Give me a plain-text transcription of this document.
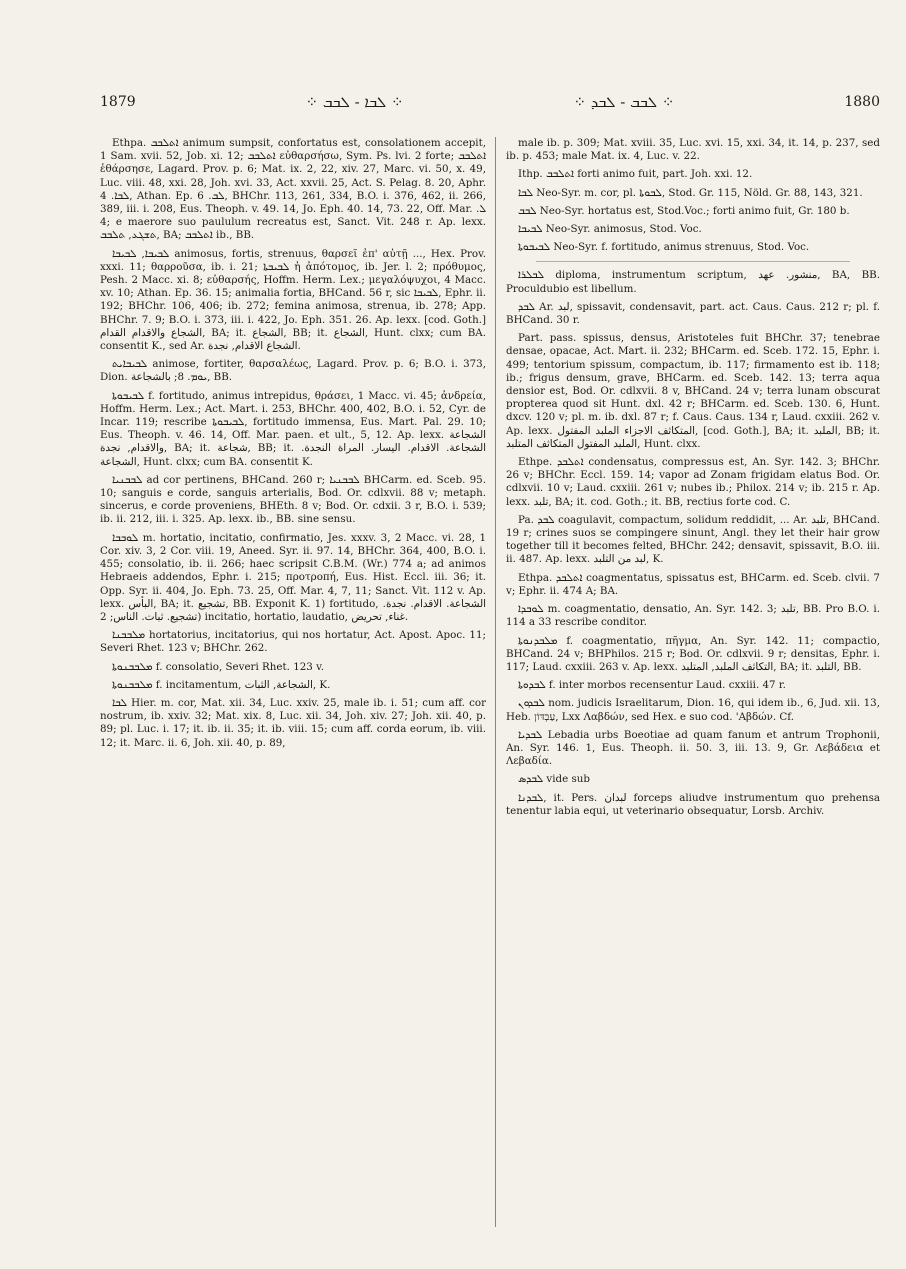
1879	⁘ ܠܒܐ - ܠܒܒ ⁘	⁘ ܠܒܒ - ܠܒܕ ⁘	1880

Ethpa. ܐܬܠܒܒ animum sumpsit, confortatus est, consolationem accepit, 1 Sam. xvii. 52, Job. xi. 12; ܐܬܠܒܒ εὐθαρσήσω, Sym. Ps. lvi. 2 forte; ܐܬܠܒܒ ἐθάρσησε, Lagard. Prov. p. 6; Mat. ix. 2, 22, xiv. 27, Marc. vi. 50, x. 49, Luc. viii. 48, xxi. 28, Joh. xvi. 33, Act. xxvii. 25, Act. S. Pelag. 8. 20, Aphr. ܠܒܐ. 4, Athan. Ep. ܠܒ. 6, BHChr. 113, 261, 334, B.O. i. 376, 462, ii. 266, 389, iii. i. 208, Eus. Theoph. v. 49. 14, Jo. Eph. 40. 14, 73. 22, Off. Mar. ܠ. 4; e maerore suo paululum recreatus est, Sanct. Vit. 248 r. Ap. lexx. ܬܫܓܥ, ܬܠܒܒ, BA; ܐܬܠܒܒ ib., BB.

ܠܒܝܒܐ, ܠܒܝܒܐ animosus, fortis, strenuus, θαρσεῖ ἐπ' αὐτῇ ..., Hex. Prov. xxxi. 11; θαρροῦσα, ib. i. 21; ܠܒܝܒܬܐ ἡ ἀπότομος, ib. Jer. l. 2; πρόθυμος, Pesh. 2 Macc. xi. 8; εὐθαρσής, Hoffm. Herm. Lex.; μεγαλόψυχοι, 4 Macc. xv. 10; Athan. Ep. 36. 15; animalia fortia, BHCand. 56 r, sic ܠܒܝܒܐ, Ephr. ii. 192; BHChr. 106, 406; ib. 272; femina animosa, strenua, ib. 278; App. BHChr. 7. 9; B.O. i. 373, iii. i. 422, Jo. Eph. 351. 26. Ap. lexx. [cod. Goth.] الشجاع والاقدام القدام, BA; it. الشجاع, BB; it. الشجاع, Hunt. clxx; cum BA. consentit K., sed Ar. الشجاع الاقدام, نجدة.

ܠܒܝܒܐܝܬ animose, fortiter, θαρσαλέως, Lagard. Prov. p. 6; B.O. i. 373, Dion. ܝܘܡ. 8; بالشجاعة, BB.

ܠܒܝܒܘܬܐ f. fortitudo, animus intrepidus, θράσει, 1 Macc. vi. 45; ἀνδρεία, Hoffm. Herm. Lex.; Act. Mart. i. 253, BHChr. 400, 402, B.O. i. 52, Cyr. de Incar. 119; rescribe ܠܒܝܒܘܬܐ, fortitudo immensa, Eus. Mart. Pal. 29. 10; Eus. Theoph. v. 46. 14, Off. Mar. paen. et ult., 5, 12. Ap. lexx. الشجاعة والاقدام, نجدة, BA; it. شجاعة, BB; it. الشجاعة. الاقدام. اليسار. المراة النجدة. الشجاعة, Hunt. clxx; cum BA. consentit K.

ܠܒܒܢܝܐ ad cor pertinens, BHCand. 260 r; ܠܒܒܢܝܐ BHCarm. ed. Sceb. 95. 10; sanguis e corde, sanguis arterialis, Bod. Or. cdlxvii. 88 v; metaph. sincerus, e corde proveniens, BHEth. 8 v; Bod. Or. cdxii. 3 r, B.O. i. 539; ib. ii. 212, iii. i. 325. Ap. lexx. ib., BB. sine sensu.

ܠܘܒܒܐ m. hortatio, incitatio, confirmatio, Jes. xxxv. 3, 2 Macc. vi. 28, 1 Cor. xiv. 3, 2 Cor. viii. 19, Aneed. Syr. ii. 97. 14, BHChr. 364, 400, B.O. i. 455; consolatio, ib. ii. 266; haec scripsit C.B.M. (Wr.) 774 a; ad animos Hebraeis addendos, Ephr. i. 215; προτροπή, Eus. Hist. Eccl. iii. 36; it. Opp. Syr. ii. 404, Jo. Eph. 73. 25, Off. Mar. 4, 7, 11; Sanct. Vit. 112 v. Ap. lexx. البأس, BA; it. تشجيع, BB. Exponit K. 1) fortitudo, الشجاعة. الاقدام. نجدة. تشجيع. ثبات. الناس; 2) incitatio, hortatio, laudatio, غناء, تحريض.

ܡܠܒܒܢܐ hortatorius, incitatorius, qui nos hortatur, Act. Apost. Apoc. 11; Severi Rhet. 123 v; BHChr. 262.

ܡܠܒܒܢܘܬܐ f. consolatio, Severi Rhet. 123 v.

ܡܠܒܒܢܘܬܐ f. incitamentum, الشجاعة, الثبات, K.

ܠܒܐ Hier. m. cor, Mat. xii. 34, Luc. xxiv. 25, male ib. i. 51; cum aff. cor nostrum, ib. xxiv. 32; Mat. xix. 8, Luc. xii. 34, Joh. xiv. 27; Joh. xii. 40, p. 89; pl. Luc. i. 17; it. ib. ii. 35; it. ib. viii. 15; cum aff. corda eorum, ib. viii. 12; it. Marc. ii. 6, Joh. xii. 40, p. 89,

male ib. p. 309; Mat. xviii. 35, Luc. xvi. 15, xxi. 34, it. 14, p. 237, sed ib. p. 453; male Mat. ix. 4, Luc. v. 22.

Ithp. ܐܬܠܒܒ forti animo fuit, part. Joh. xxi. 12.

ܠܒܐ Neo-Syr. m. cor, pl. ܠܒܘܬܐ, Stod. Gr. 115, Nöld. Gr. 88, 143, 321.

ܠܒܒ Neo-Syr. hortatus est, Stod.Voc.; forti animo fuit, Gr. 180 b.

ܠܒܝܒܐ Neo-Syr. animosus, Stod. Voc.

ܠܒܝܒܘܬܐ Neo-Syr. f. fortitudo, animus strenuus, Stod. Voc.

ܠܒܠܪܐ diploma, instrumentum scriptum, منشور. عهد, BA, BB. Proculdubio est libellum.

ܠܒܕ Ar. لبد, spissavit, condensavit, part. act. Caus. Caus. 212 r; pl. f. BHCand. 30 r.

Part. pass. spissus, densus, Aristoteles fuit BHChr. 37; tenebrae densae, opacae, Act. Mart. ii. 232; BHCarm. ed. Sceb. 172. 15, Ephr. i. 499; tentorium spissum, compactum, ib. 117; firmamento est ib. 118; ib.; frigus densum, grave, BHCarm. ed. Sceb. 142. 13; terra aqua densior est, Bod. Or. cdlxvii. 8 v, BHCand. 24 v; terra lunam obscurat propterea quod sit Hunt. dxl. 42 r; BHCarm. ed. Sceb. 130. 6, Hunt. dxcv. 120 v; pl. m. ib. dxl. 87 r; f. Caus. Caus. 134 r, Laud. cxxiii. 262 v. Ap. lexx. المتكاثف الاجزاء الملبد المفتول, [cod. Goth.], BA; it. الملبد, BB; it. الملبد المفتول المتكاثف المتلبد, Hunt. clxx.

Ethpe. ܐܬܠܒܕ condensatus, compressus est, An. Syr. 142. 3; BHChr. 26 v; BHChr. Eccl. 159. 14; vapor ad Zonam frigidam elatus Bod. Or. cdlxvii. 10 v; Laud. cxxiii. 261 v; nubes ib.; Philox. 214 v; ib. 215 r. Ap. lexx. تلبد, BA; it. cod. Goth.; it. BB, rectius forte cod. C.

Pa. ܠܒܕ coagulavit, compactum, solidum reddidit, ... Ar. تلبد, BHCand. 19 r; crines suos se compingere sinunt, Angl. they let their hair grow together till it becomes felted, BHChr. 242; densavit, spissavit, B.O. iii. ii. 487. Ap. lexx. لبد من التلبد, K.

Ethpa. ܐܬܠܒܕ coagmentatus, spissatus est, BHCarm. ed. Sceb. clvii. 7 v; Ephr. ii. 474 A; BA.

ܠܘܒܕܐ m. coagmentatio, densatio, An. Syr. 142. 3; تلبد, BB. Pro B.O. i. 114 a 33 rescribe conditor.

ܡܠܒܕܢܘܬܐ f. coagmentatio, πῆγμα, An. Syr. 142. 11; compactio, BHCand. 24 v; BHPhilos. 215 r; Bod. Or. cdlxvii. 9 r; densitas, Ephr. i. 117; Laud. cxxiii. 263 v. Ap. lexx. التكاثف الملبد, المتلبد, BA; it. التلبد, BB.

ܠܒܕܘܬܐ f. inter morbos recensentur Laud. cxxiii. 47 r.

ܠܒܕܘܢ nom. judicis Israelitarum, Dion. 16, qui idem ib., 6, Jud. xii. 13, Heb. עַבְדּוֹן, Lxx Λαβδών, sed Hex. e suo cod. 'Αβδών. Cf.

ܠܒܕܝܐ Lebadia urbs Boeotiae ad quam fanum et antrum Trophonii, An. Syr. 146. 1, Eus. Theoph. ii. 50. 3, iii. 13. 9, Gr. Λεβάδεια et Λεβαδία.

ܠܒܕܣ vide sub

ܠܒܕܢܐ, it. Pers. لبدان forceps aliudve instrumentum quo prehensa tenentur labia equi, ut veterinario obsequatur, Lorsb. Archiv.
